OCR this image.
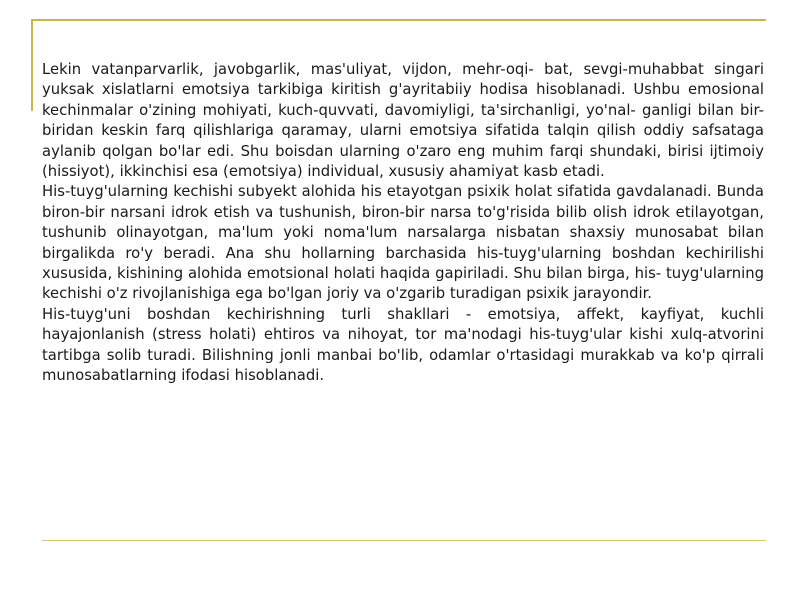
Lekin vatanparvarlik, javobgarlik, mas'uliyat, vijdon, mehr-oqi- bat, sevgi-muhabbat singari yuksak xislatlarni emotsiya tarkibiga kiritish g'ayritabiiy hodisa hisoblanadi. Ushbu emosional kechinmalar o'zining mohiyati, kuch-quvvati, davomiyligi, ta'sirchanligi, yo'nal- ganligi bilan bir-biridan keskin farq qilishlariga qaramay, ularni emotsiya sifatida talqin qilish oddiy safsataga aylanib qolgan bo'lar edi. Shu boisdan ularning o'zaro eng muhim farqi shundaki, birisi ijtimoiy (hissiyot), ikkinchisi esa (emotsiya) individual, xususiy ahamiyat kasb etadi.

His-tuyg'ularning kechishi subyekt alohida his etayotgan psixik holat sifatida gavdalanadi. Bunda biron-bir narsani idrok etish va tushunish, biron-bir narsa to'g'risida bilib olish idrok etilayotgan, tushunib olinayotgan, ma'lum yoki noma'lum narsalarga nisbatan shaxsiy munosabat bilan birgalikda ro'y beradi. Ana shu hollarning barchasida his-tuyg'ularning boshdan kechirilishi xususida, kishining alohida emotsional holati haqida gapiriladi. Shu bilan birga, his- tuyg'ularning kechishi o'z rivojlanishiga ega bo'lgan joriy va o'zgarib turadigan psixik jarayondir.

His-tuyg'uni boshdan kechirishning turli shakllari - emotsiya, affekt, kayfiyat, kuchli hayajonlanish (stress holati) ehtiros va nihoyat, tor ma'nodagi his-tuyg'ular kishi xulq-atvorini tartibga solib turadi. Bilishning jonli manbai bo'lib, odamlar o'rtasidagi murakkab va ko'p qirrali munosabatlarning ifodasi hisoblanadi.
